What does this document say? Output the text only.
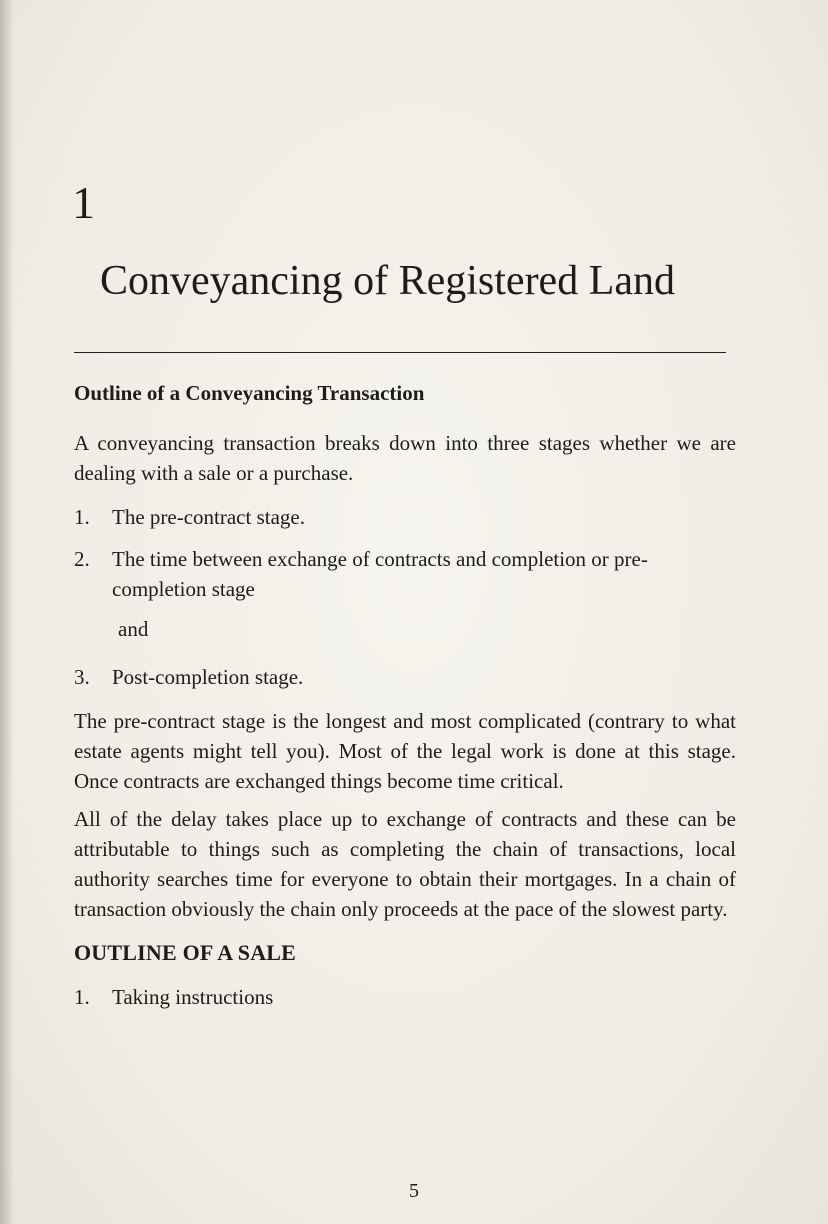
1
Conveyancing of Registered Land
Outline of a Conveyancing Transaction

A conveyancing transaction breaks down into three stages whether we are dealing with a sale or a purchase.

1.	The pre-contract stage.
2.	The time between exchange of contracts and completion or pre-completion stage
and
3.	Post-completion stage.

The pre-contract stage is the longest and most complicated (contrary to what estate agents might tell you). Most of the legal work is done at this stage. Once contracts are exchanged things become time critical.

All of the delay takes place up to exchange of contracts and these can be attributable to things such as completing the chain of transactions, local authority searches time for everyone to obtain their mortgages. In a chain of transaction obviously the chain only proceeds at the pace of the slowest party.

OUTLINE OF A SALE
1.	Taking instructions
5
